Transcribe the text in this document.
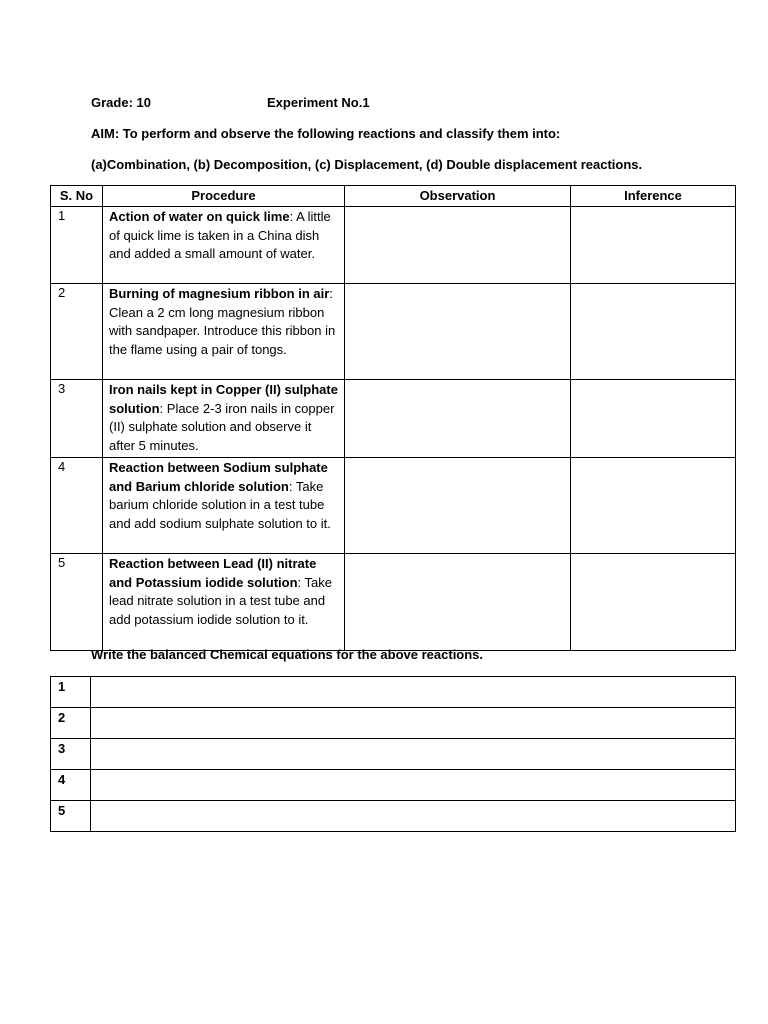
Grade: 10	Experiment No.1
AIM: To perform and observe the following reactions and classify them into:
(a)Combination, (b) Decomposition, (c) Displacement, (d) Double displacement reactions.
S. No	Procedure	Observation	Inference
1	Action of water on quick lime: A little of quick lime is taken in a China dish and added a small amount of water.		
2	Burning of magnesium ribbon in air: Clean a 2 cm long magnesium ribbon with sandpaper. Introduce this ribbon in the flame using a pair of tongs.		
3	Iron nails kept in Copper (II) sulphate solution: Place 2-3 iron nails in copper (II) sulphate solution and observe it after 5 minutes.		
4	Reaction between Sodium sulphate and Barium chloride solution: Take barium chloride solution in a test tube and add sodium sulphate solution to it.		
5	Reaction between Lead (II) nitrate and Potassium iodide solution: Take lead nitrate solution in a test tube and add potassium iodide solution to it.		
Write the balanced Chemical equations for the above reactions.
1	
2	
3	
4	
5	
